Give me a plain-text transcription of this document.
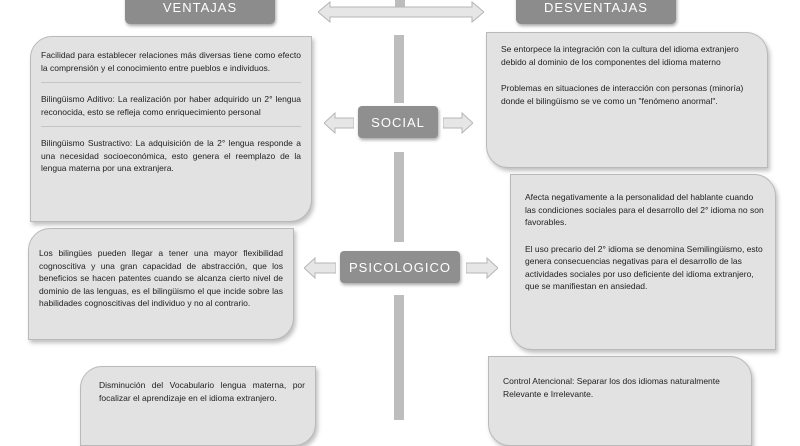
VENTAJAS	DESVENTAJAS
SOCIAL
PSICOLOGICO

Facilidad para establecer relaciones más diversas tiene como efecto la comprensión y el conocimiento entre pueblos e individuos.

Bilingüismo Aditivo: La realización por haber adquirido un 2° lengua reconocida, esto se refleja como enriquecimiento personal

Bilingüismo Sustractivo: La adquisición de la 2° lengua responde a una necesidad socioeconómica, esto genera el reemplazo de la lengua materna por una extranjera.

Se entorpece la integración con la cultura del idioma extranjero debido al dominio de los componentes del idioma materno

Problemas en situaciones de interacción con personas (minoría) donde el bilingüismo se ve como un "fenómeno anormal".

Los bilingües pueden llegar a tener una mayor flexibilidad cognoscitiva y una gran capacidad de abstracción, que los beneficios se hacen patentes cuando se alcanza cierto nivel de dominio de las lenguas, es el bilingüismo el que incide sobre las habilidades cognoscitivas del individuo y no al contrario.

Afecta negativamente a la personalidad del hablante cuando las condiciones sociales para el desarrollo del 2° idioma no son favorables.

El uso precario del 2° idioma se denomina Semilingüismo, esto genera consecuencias negativas para el desarrollo de las actividades sociales por uso deficiente del idioma extranjero, que se manifiestan en ansiedad.

Disminución del Vocabulario lengua materna, por focalizar el aprendizaje en el idioma extranjero.

Control Atencional: Separar los dos idiomas naturalmente Relevante e Irrelevante.
